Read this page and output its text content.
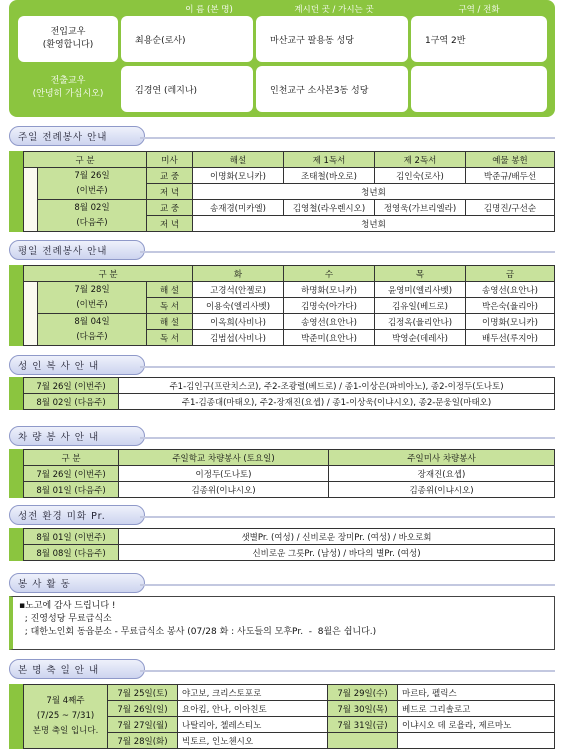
이 름 (본 명)	계시던 곳 / 가시는 곳	구역 / 전화
전입교우
(환영합니다)	최용순(로사)	마산교구 팔용동 성당	1구역 2반
전출교우
(안녕히 가십시오)	김경연 (레지나)	인천교구 소사본3동 성당
주일 전례봉사 안내
구 분		미사	해설	제 1독서	제 2독서	예물 봉헌

	7월 26일
(이번주)	교 중	이명화(모니카)	조태철(바오로)	김인숙(로사)	박준규/배두선
		저 녁	청년회			

	8월 02일
(다음주)	교 중	송재경(미카엘)	김영철(라우렌시오)	정영욱(가브리엘라)	김명진/구선순
		저 녁	청년회			
평일 전례봉사 안내
구 분			화	수	목	금

	7월 28일
(이번주)	해 설	고경석(안젤로)	하명화(모니카)	윤영미(엘리사벳)	송영선(요안나)
		독 서	이용숙(엘리사벳)	김명숙(아가다)	김유일(베드로)	박은숙(율리아)

	8월 04일
(다음주)	해 설	이옥희(사비나)	송영선(요안나)	김정옥(율리안나)	이명화(모니카)
		독 서	김범섭(사비나)	박준미(요안나)	박영순(데레사)	배두선(루지아)
성 인 복 사 안 내
7월 26일 (이번주)	주1-김인구(프란치스코), 주2-조광렬(베드로) / 종1-이상은(파비아노), 종2-이정두(도나토)
8월 02일 (다음주)	주1-김종대(마태오), 주2-장재진(요셉) / 종1-이상욱(이냐시오), 종2-문웅일(마태오)
차 량 봉 사 안 내
구 분	주일학교 차량봉사 (토요일)	주일미사 차량봉사
7월 26일 (이번주)	이정두(도나토)	장재진(요셉)
8월 01일 (다음주)	김종위(이냐시오)	김종위(이냐시오)
성전 환경 미화 Pr.
8월 01일 (이번주)	샛별Pr. (여성) / 신비로운 장미Pr. (여성) / 바오로회
8월 08일 (다음주)	신비로운 그릇Pr. (남성) / 바다의 별Pr. (여성)
봉 사 활 동
▪노고에 감사 드립니다 !
; 진영성당 무료급식소
; 대한노인회 동읍분소 - 무료급식소 봉사 (07/28 화 : 사도들의 모후Pr.  -  8월은 쉽니다.)
본 명 축 일 안 내
7월 4째주
(7/25 ~ 7/31)
본명 축일 입니다.	7월 25일(토)	야고보, 크리스토포로	7월 29일(수)	마르타, 펠릭스
	7월 26일(일)	요아킴, 안나, 이아친토	7월 30일(목)	베드로 그리솔로고
	7월 27일(월)	나탈리아, 첼레스티노	7월 31일(금)	이냐시오 데 로욜라, 제르마노
	7월 28일(화)	빅토르, 인노첸시오		
